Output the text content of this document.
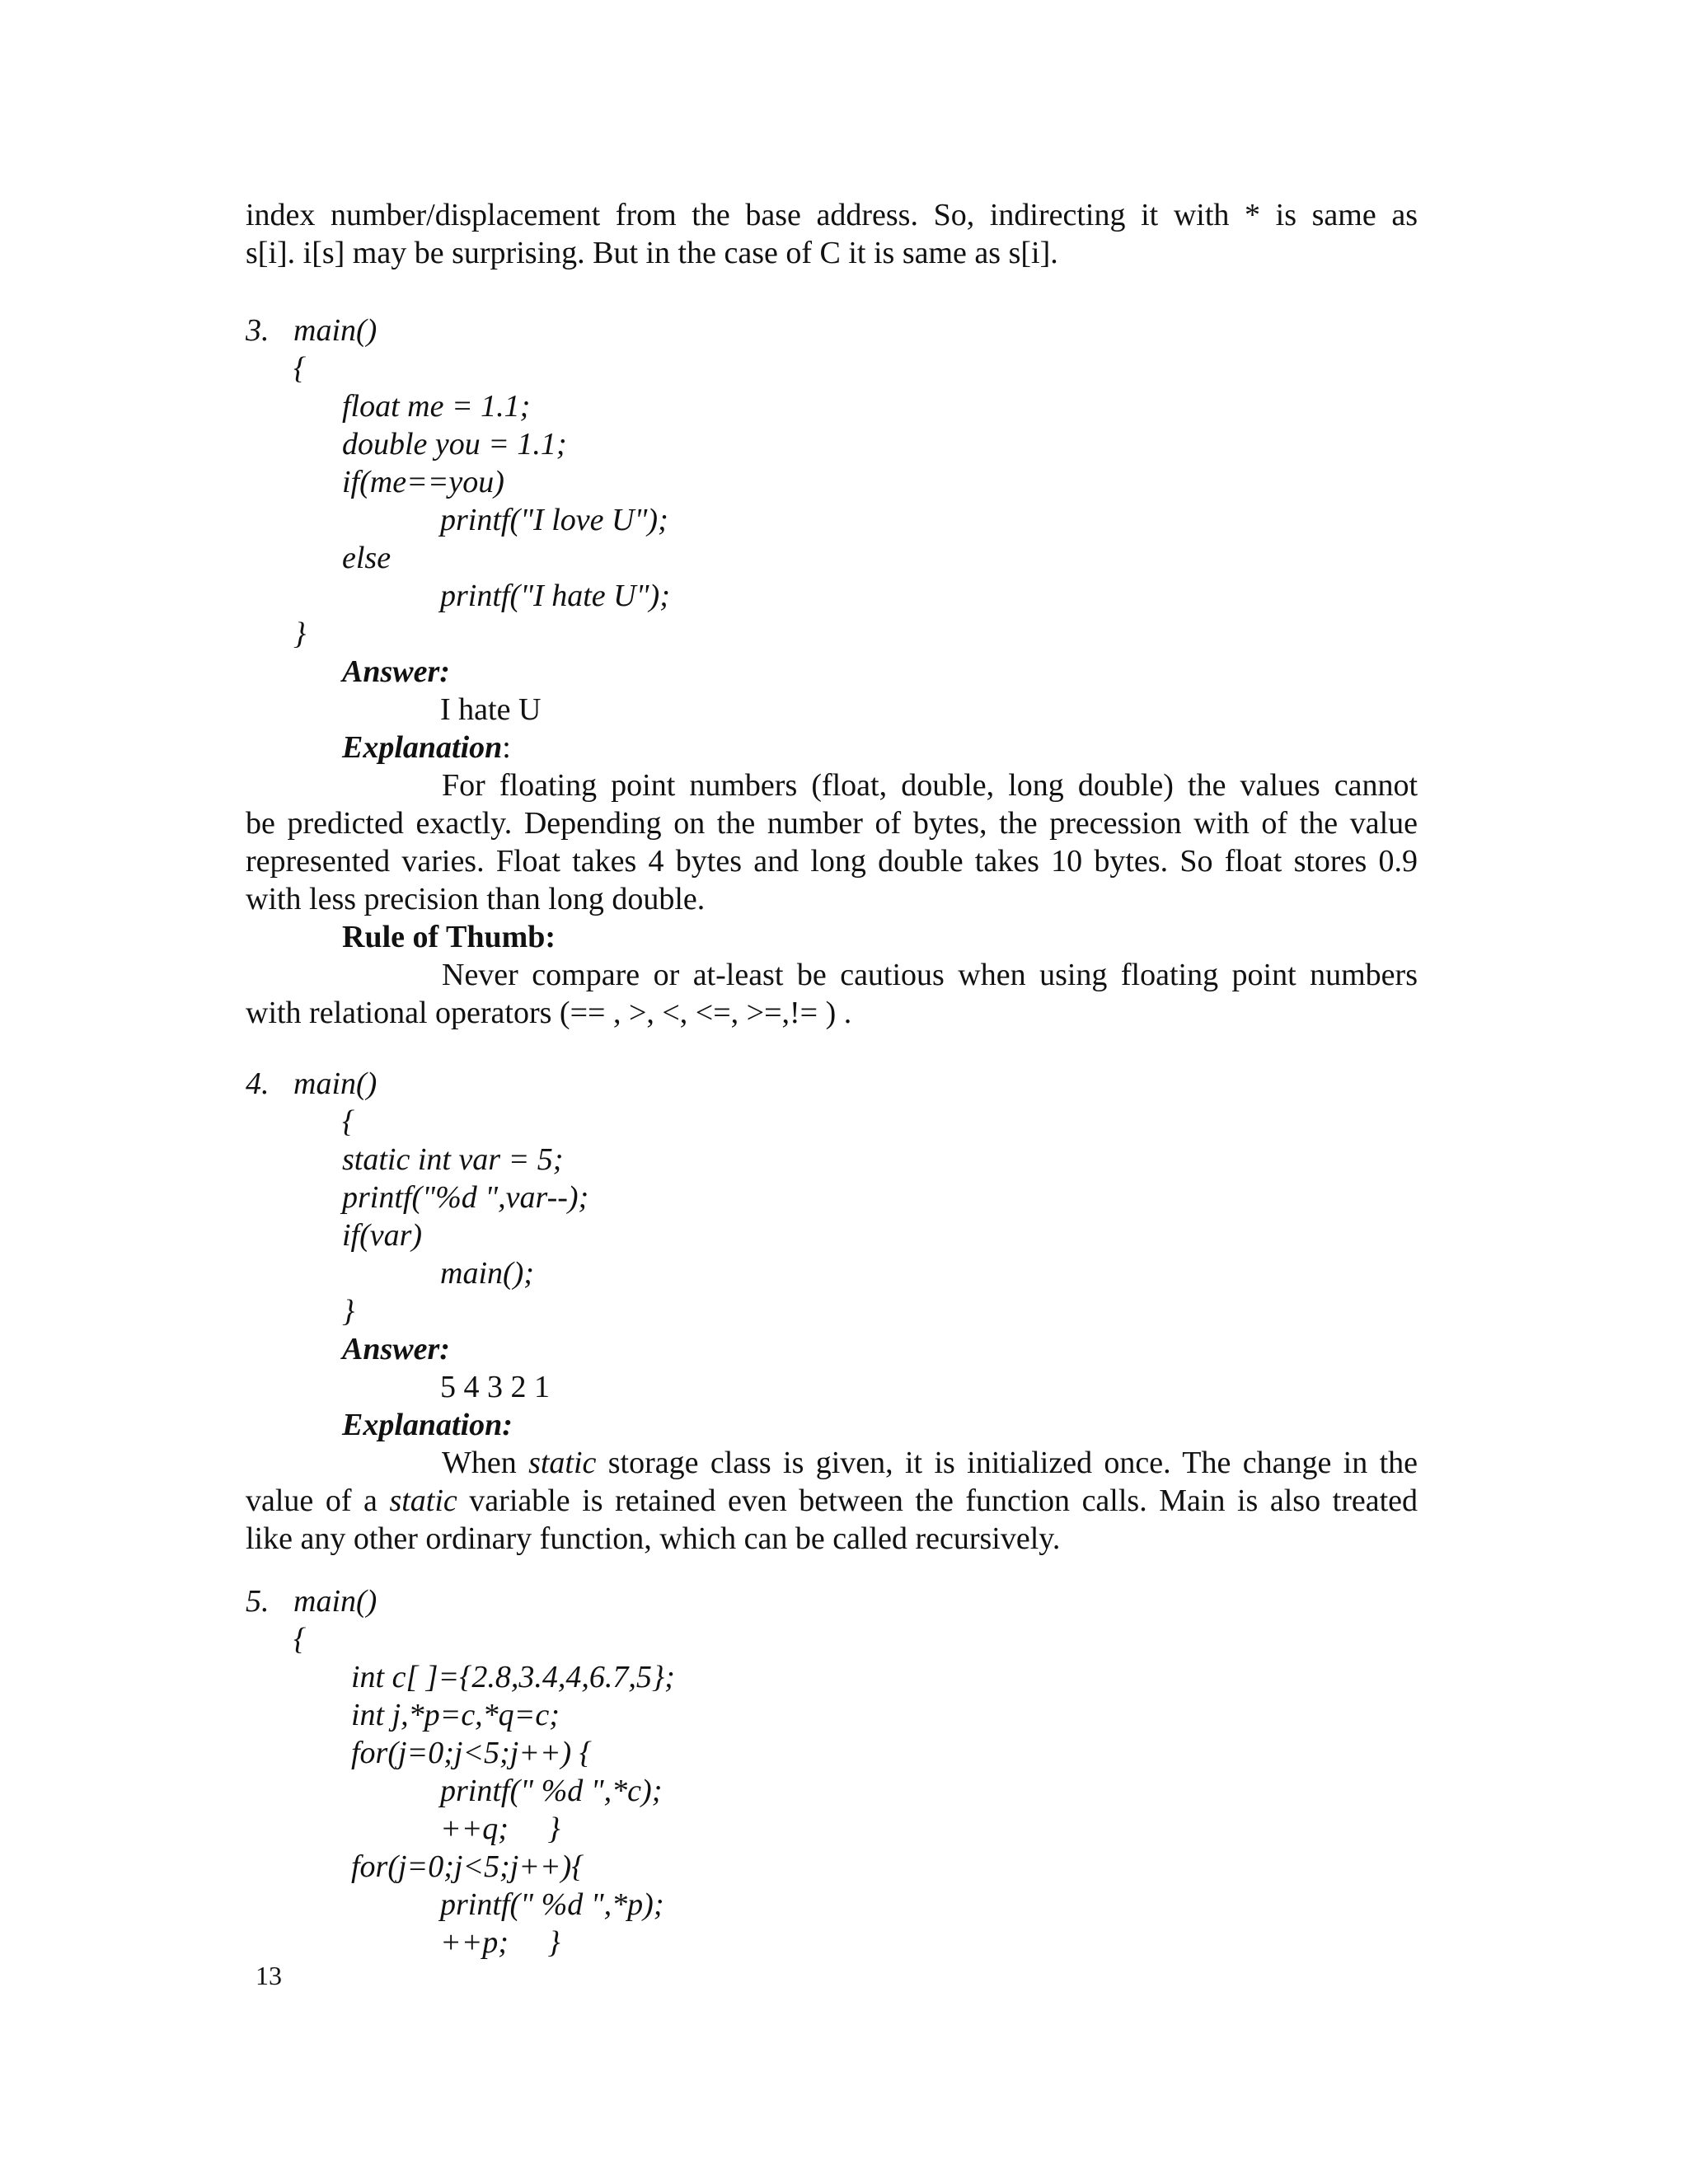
index number/displacement from the base address. So, indirecting it with * is same as
s[i]. i[s] may be surprising. But in the case of C it is same as s[i].
3. main()
{
float me = 1.1;
double you = 1.1;
if(me==you)
printf("I love U");
else
printf("I hate U");
}
Answer:
I hate U
Explanation:
For floating point numbers (float, double, long double) the values cannot
be predicted exactly. Depending on the number of bytes, the precession with of the value
represented varies. Float takes 4 bytes and long double takes 10 bytes. So float stores 0.9
with less precision than long double.
Rule of Thumb:
Never compare or at-least be cautious when using floating point numbers
with relational operators (== , >, <, <=, >=,!= ) .
4. main()
{
static int var = 5;
printf("%d ",var--);
if(var)
main();
}
Answer:
5 4 3 2 1
Explanation:
When static storage class is given, it is initialized once. The change in the
value of a static variable is retained even between the function calls. Main is also treated
like any other ordinary function, which can be called recursively.
5. main()
{
int c[ ]={2.8,3.4,4,6.7,5};
int j,*p=c,*q=c;
for(j=0;j<5;j++) {
printf(" %d ",*c);
++q;     }
for(j=0;j<5;j++){
printf(" %d ",*p);
++p;     }
13
